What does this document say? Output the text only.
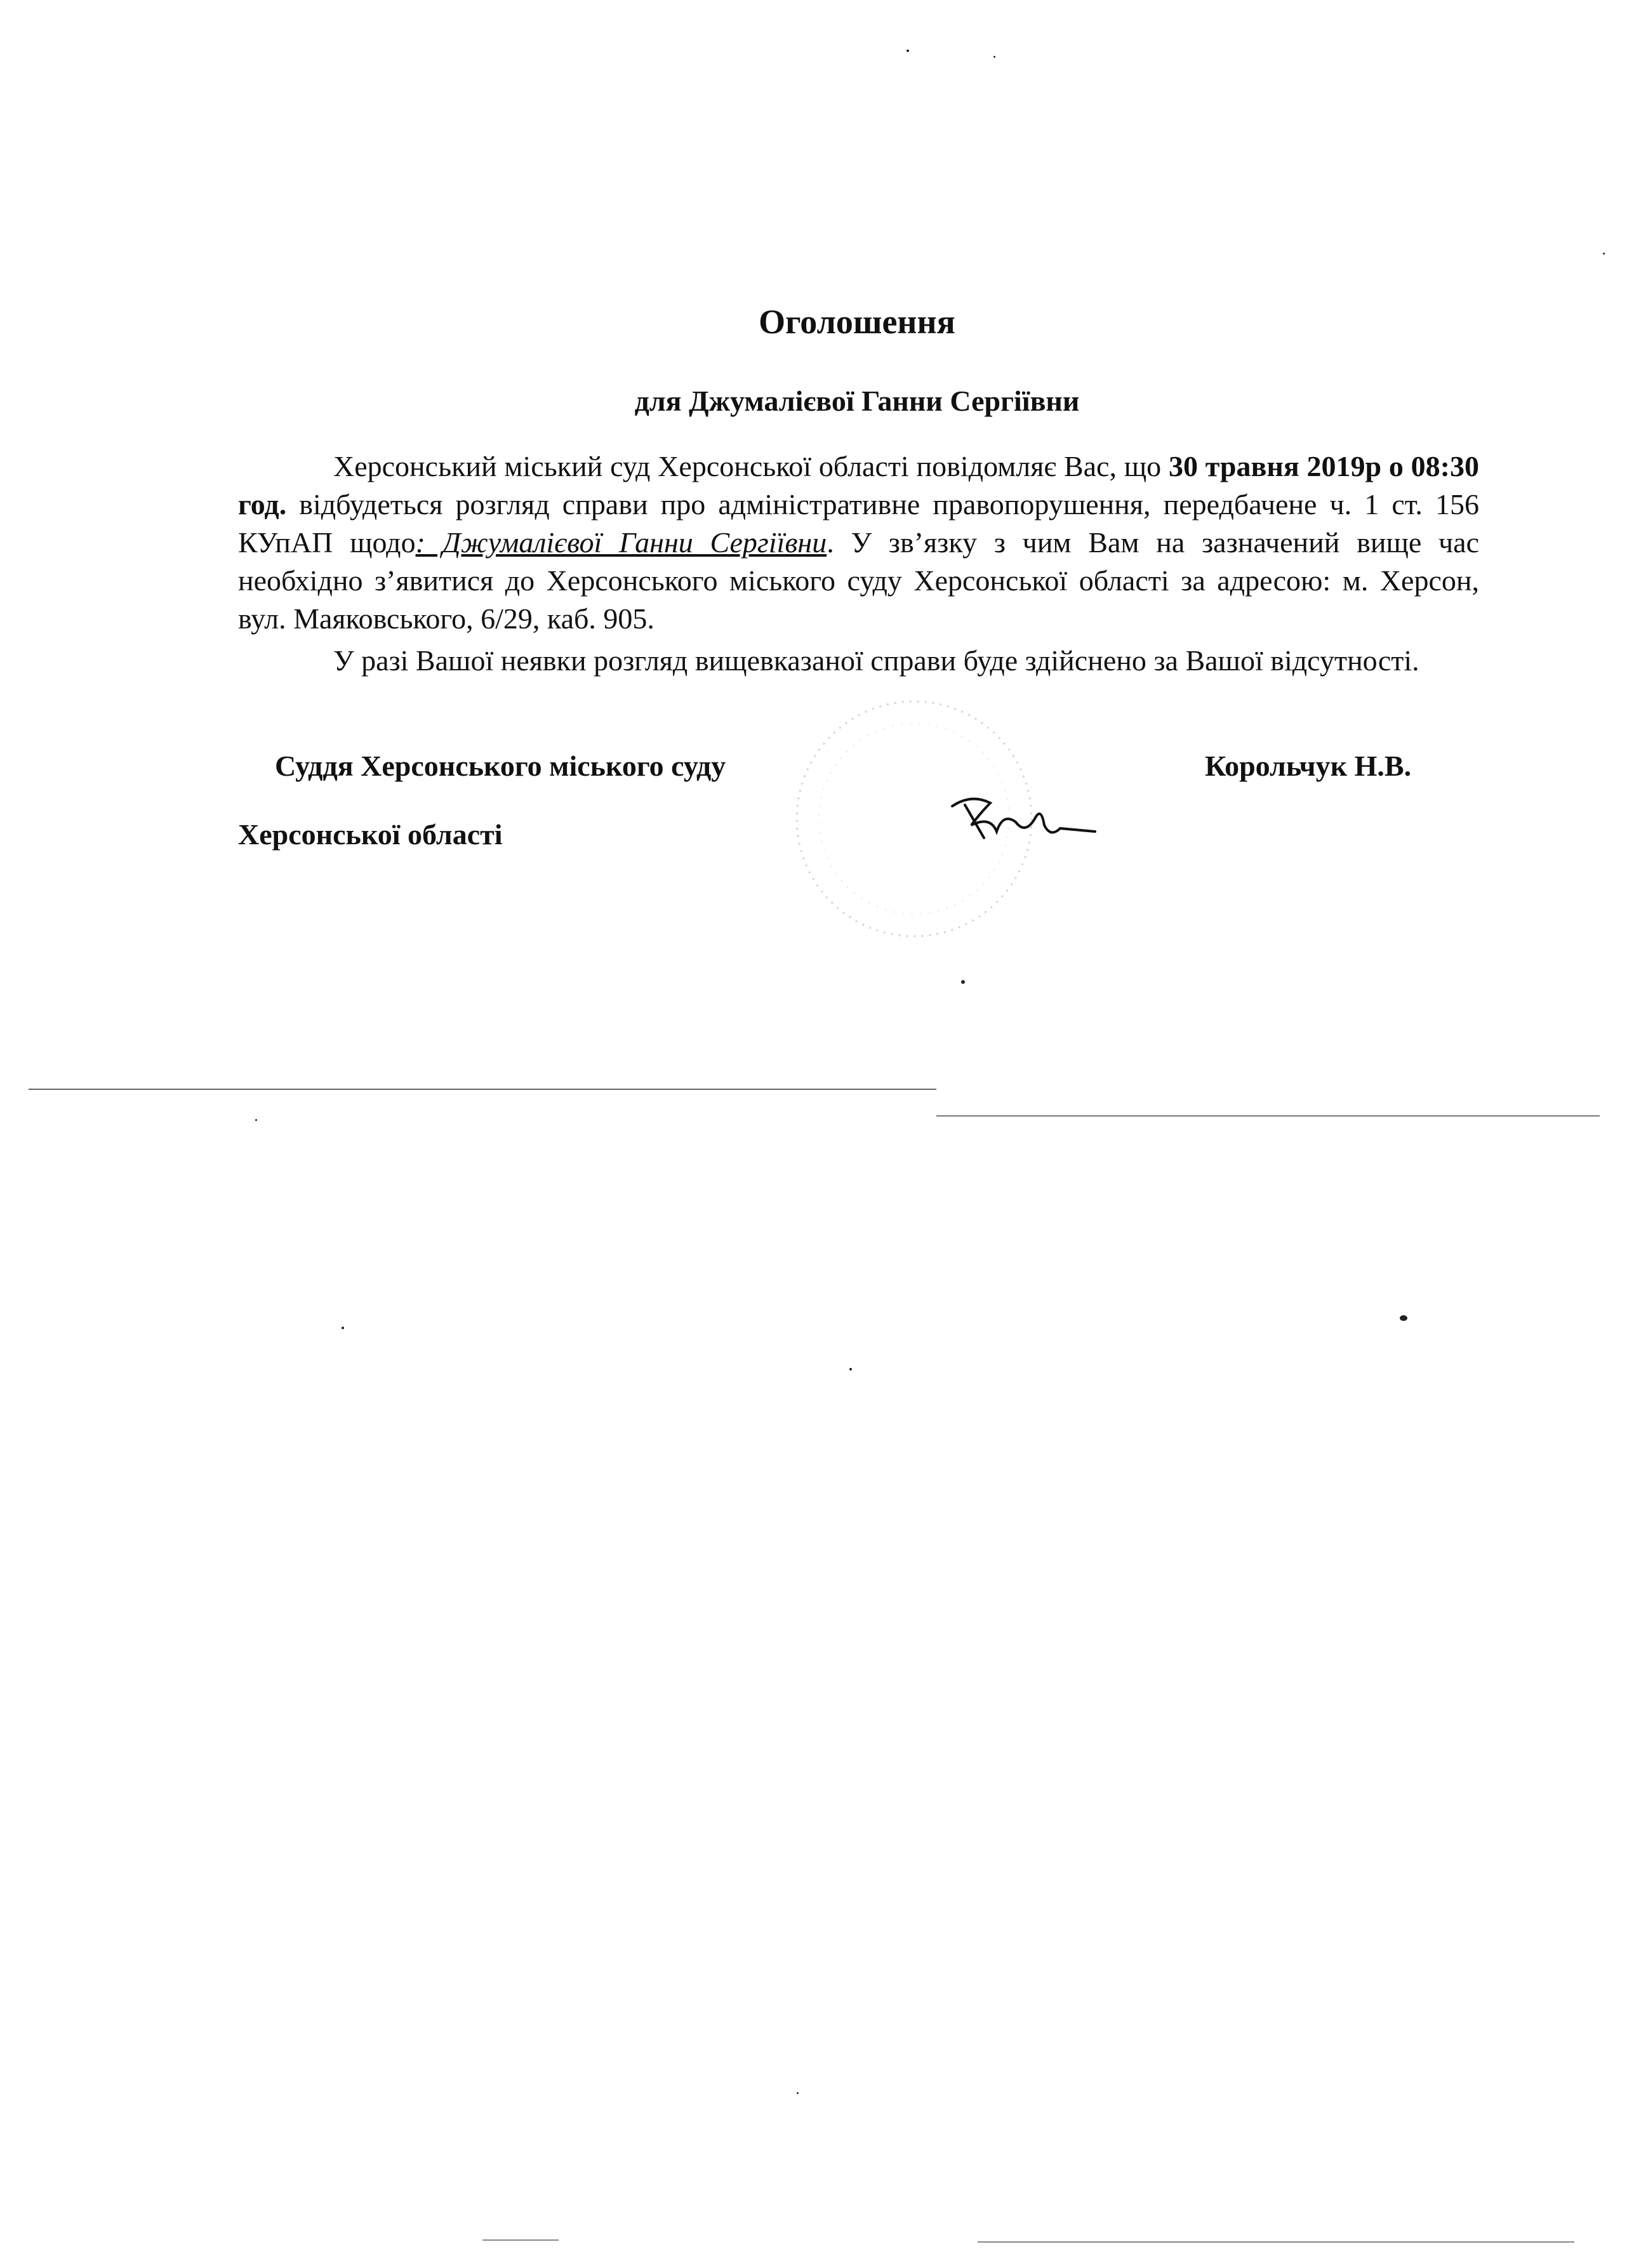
Оголошення
для Джумалієвої Ганни Сергіївни

Херсонський міський суд Херсонської області повідомляє Вас, що 30 травня 2019р о 08:30 год. відбудеться розгляд справи про адміністративне правопорушення, передбачене ч. 1 ст. 156 КУпАП щодо: Джумалієвої Ганни Сергіївни. У зв’язку з чим Вам на зазначений вище час необхідно з’явитися до Херсонського міського суду Херсонської області за адресою: м. Херсон, вул. Маяковського, 6/29, каб. 905.

У разі Вашої неявки розгляд вищевказаної справи буде здійснено за Вашої відсутності.

Суддя Херсонського міського суду
Херсонської області
Корольчук Н.В.
